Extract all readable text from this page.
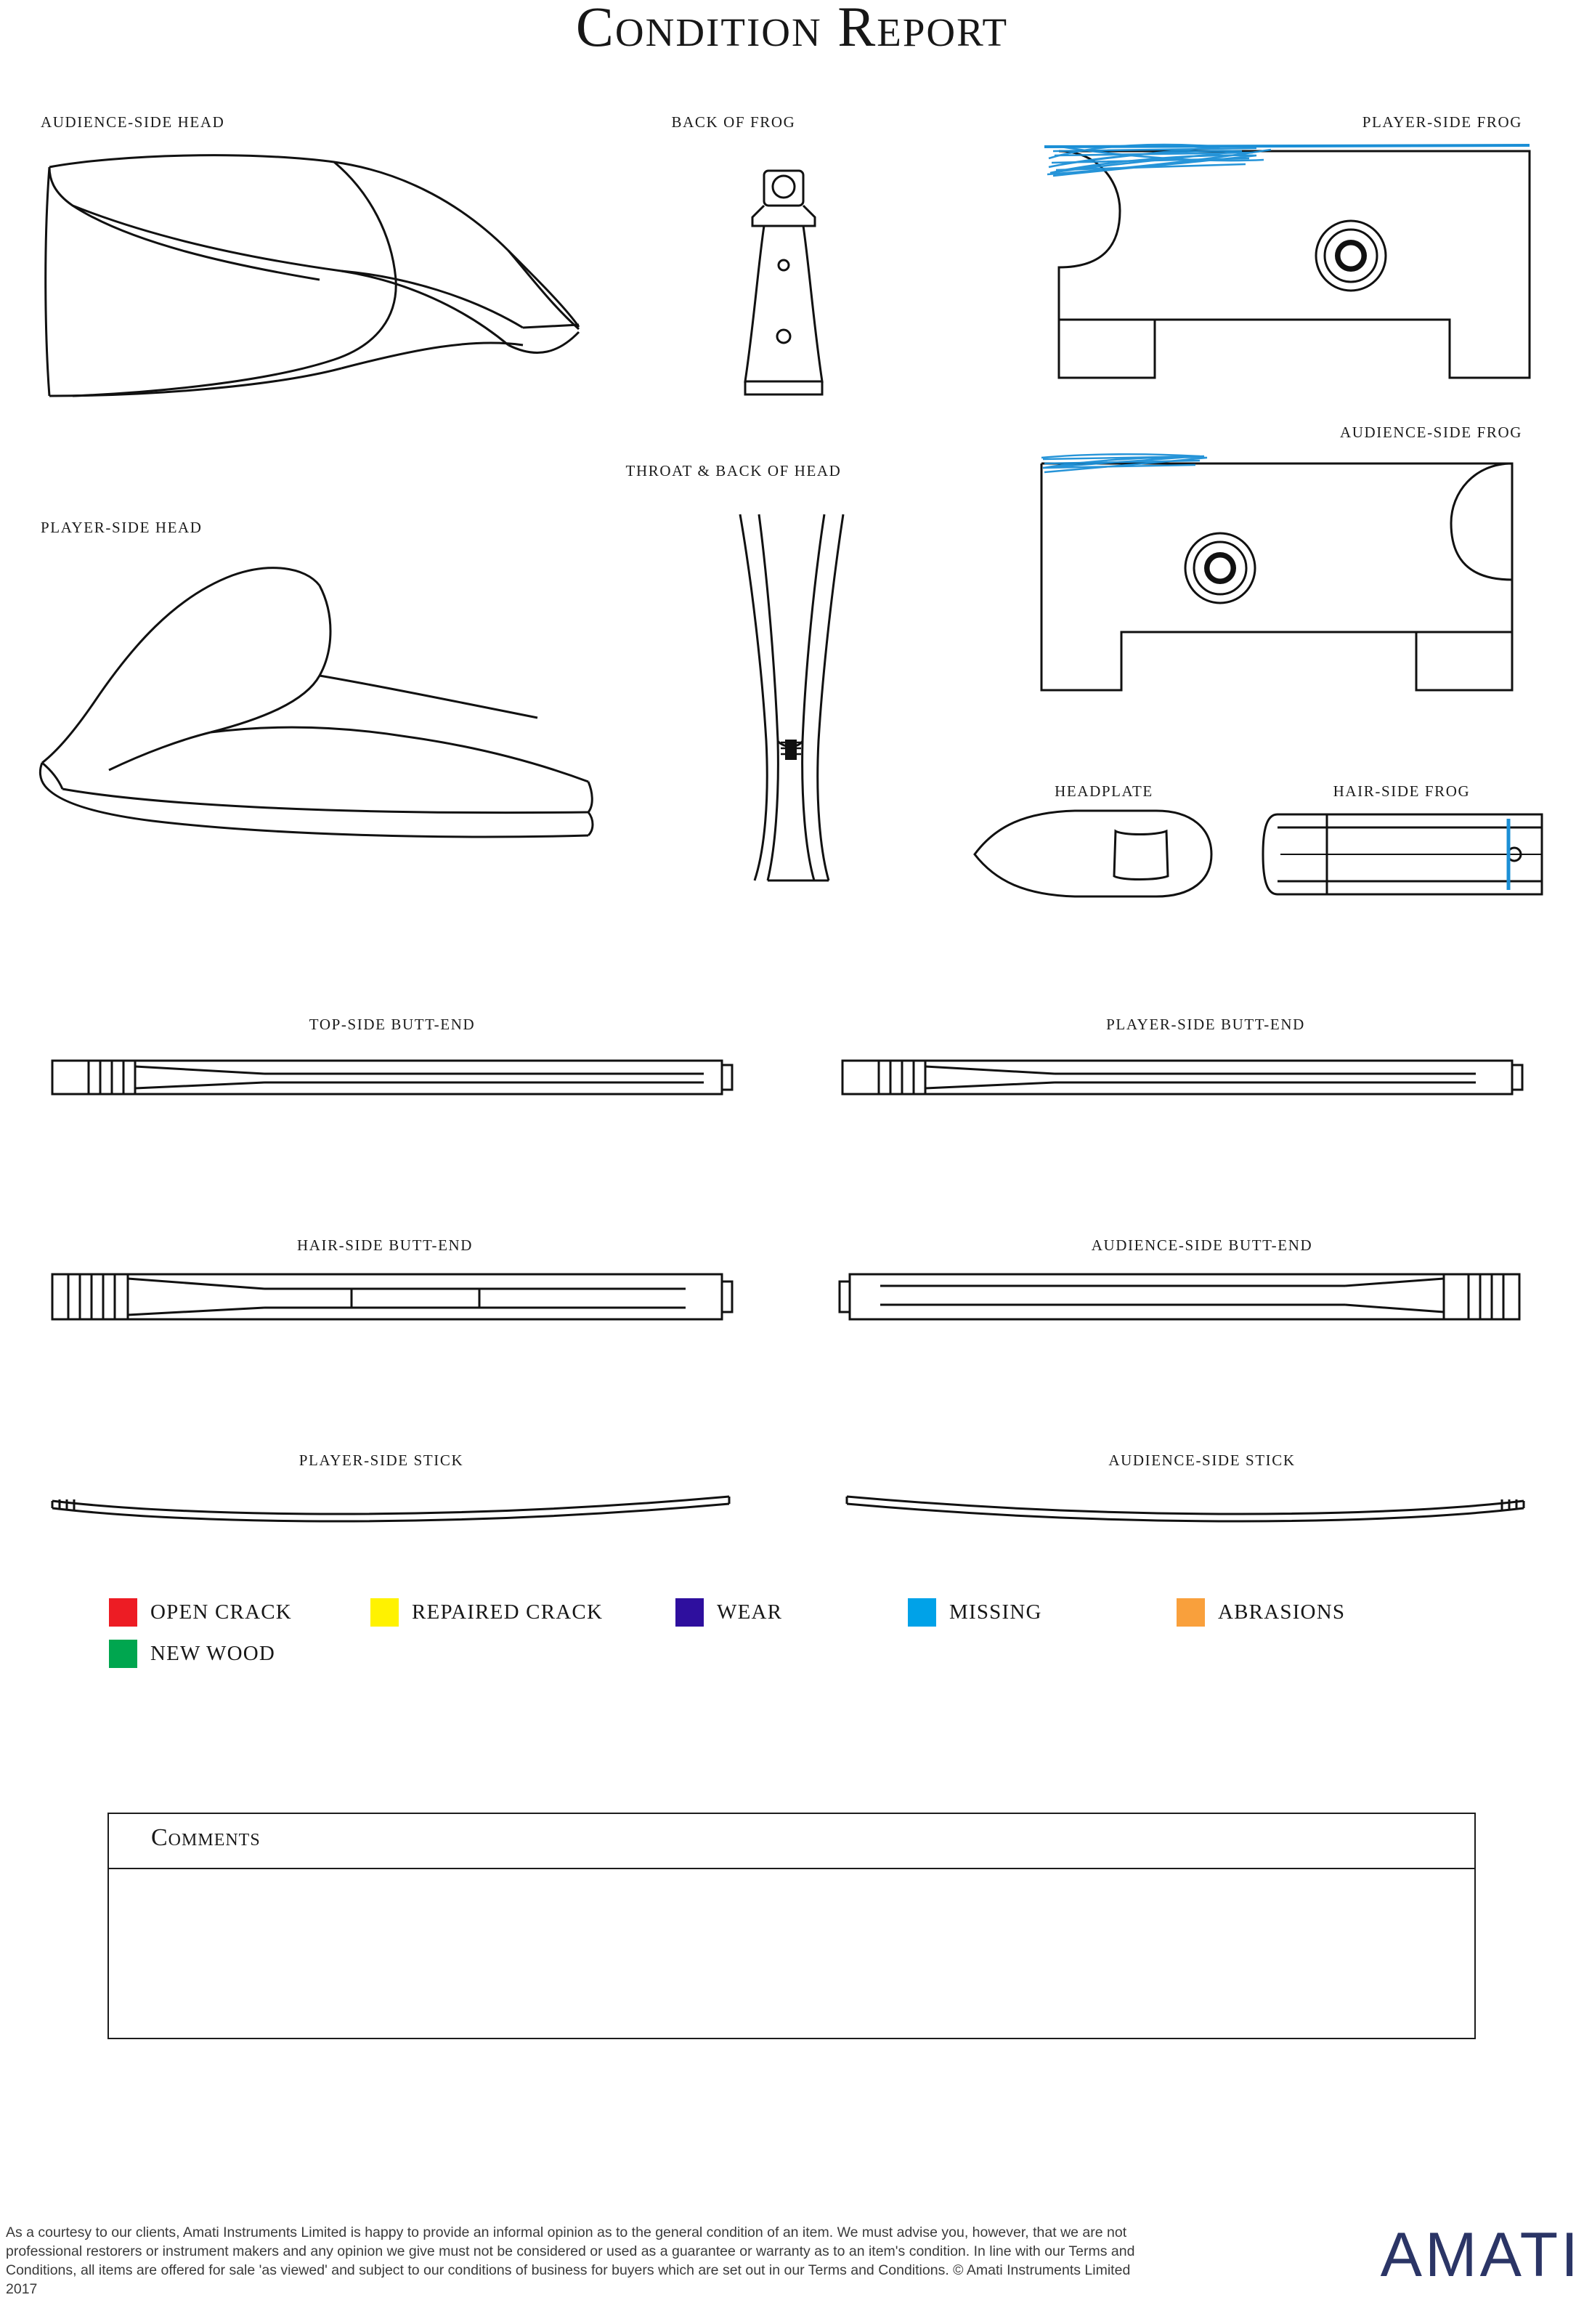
Condition Report
AUDIENCE-SIDE HEAD
PLAYER-SIDE HEAD
BACK OF FROG
THROAT & BACK OF HEAD
PLAYER-SIDE FROG
AUDIENCE-SIDE FROG
HEADPLATE	HAIR-SIDE FROG
TOP-SIDE BUTT-END	PLAYER-SIDE BUTT-END
HAIR-SIDE BUTT-END	AUDIENCE-SIDE BUTT-END
PLAYER-SIDE STICK	AUDIENCE-SIDE STICK
OPEN CRACK	REPAIRED CRACK	WEAR	MISSING	ABRASIONS
NEW WOOD
Comments
As a courtesy to our clients, Amati Instruments Limited is happy to provide an informal opinion as to the general condition of an item. We must advise you, however, that we are not professional restorers or instrument makers and any opinion we give must not be considered or used as a guarantee or warranty as to an item's condition. In line with our Terms and Conditions, all items are offered for sale 'as viewed' and subject to our conditions of business for buyers which are set out in our Terms and Conditions. © Amati Instruments Limited 2017	AMATI
